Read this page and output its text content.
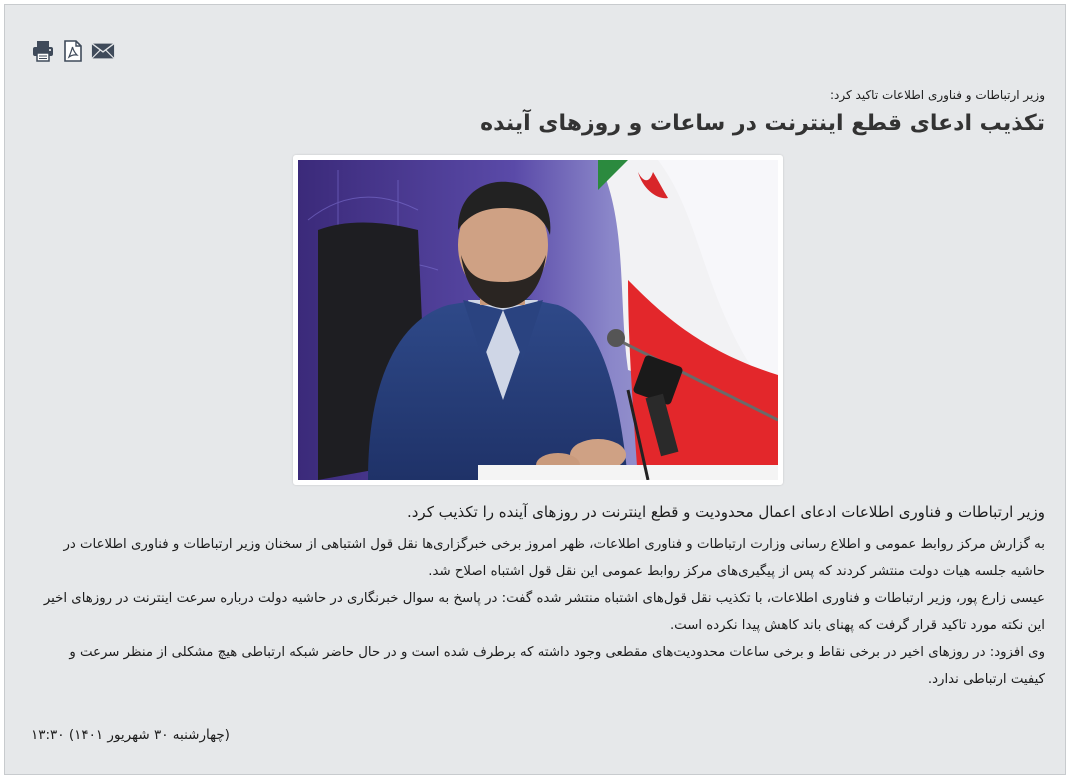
وزیر ارتباطات و فناوری اطلاعات تاکید کرد:

تکذیب ادعای قطع اینترنت در ساعات و روزهای آینده

وزیر ارتباطات و فناوری اطلاعات ادعای اعمال محدودیت و قطع اینترنت در روزهای آینده را تکذیب کرد.

به گزارش مرکز روابط عمومی و اطلاع رسانی وزارت ارتباطات و فناوری اطلاعات، ظهر امروز برخی خبرگزاری‌ها نقل قول اشتباهی از سخنان وزیر ارتباطات و فناوری اطلاعات در حاشیه جلسه هیات دولت منتشر کردند که پس از پیگیری‌های مرکز روابط عمومی این نقل قول اشتباه اصلاح شد.

عیسی زارع پور، وزیر ارتباطات و فناوری اطلاعات، با تکذیب نقل قول‌های اشتباه منتشر شده گفت: در پاسخ به سوال خبرنگاری در حاشیه دولت درباره سرعت اینترنت در روزهای اخیر این نکته مورد تاکید قرار گرفت که پهنای باند کاهش پیدا نکرده است.

وی افزود: در روزهای اخیر در برخی نقاط و برخی ساعات محدودیت‌های مقطعی وجود داشته که برطرف شده است و در حال حاضر شبکه ارتباطی هیچ مشکلی از منظر سرعت و کیفیت ارتباطی ندارد.

(چهارشنبه ۳۰ شهریور ۱۴۰۱) ۱۳:۳۰
